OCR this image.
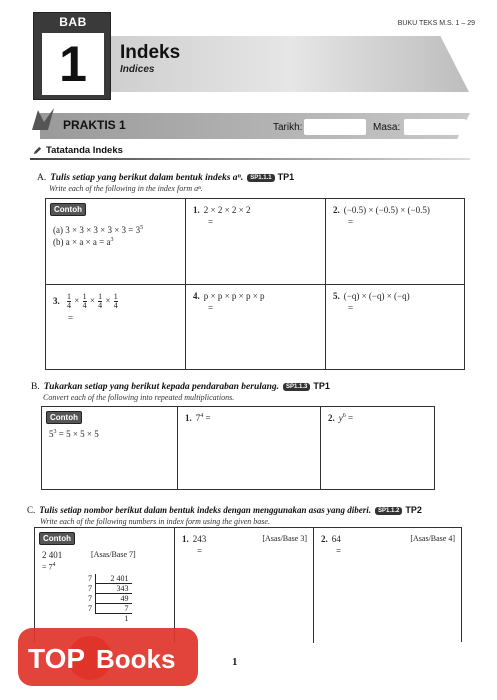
BAB
1	Indeks
Indices
BUKU TEKS M.S. 1 – 29
PRAKTIS 1	Tarikh:	Masa:
Tatatanda Indeks
A. Tulis setiap yang berikut dalam bentuk indeks aⁿ. SP1.1.1 TP1
Write each of the following in the index form aⁿ.
Contoh
(a) $3 \times 3 \times 3 \times 3 \times 3 = 3^5$
(b) $a \times a \times a = a^3$
1. 2 × 2 × 2 × 2
=
2. (−0.5) × (−0.5) × (−0.5)
=
3. $\frac{1}{4} \times \frac{1}{4} \times \frac{1}{4} \times \frac{1}{4}$
=
4. p × p × p × p × p
=
5. (−q) × (−q) × (−q)
=
B. Tukarkan setiap yang berikut kepada pendaraban berulang. SP1.1.3 TP1
Convert each of the following into repeated multiplications.
Contoh
$5^3 = 5 \times 5 \times 5$
1. $7^4$ =	2. $y^6$ =
C. Tulis setiap nombor berikut dalam bentuk indeks dengan menggunakan asas yang diberi. SP1.1.2 TP2
Write each of the following numbers in index form using the given base.
Contoh
2 401	[Asas/Base 7]
= $7^4$
7	2 401
7	343
7	49
7	7
	1
1. 243	[Asas/Base 3]
=
2. 64	[Asas/Base 4]
=
TOP Books	1
